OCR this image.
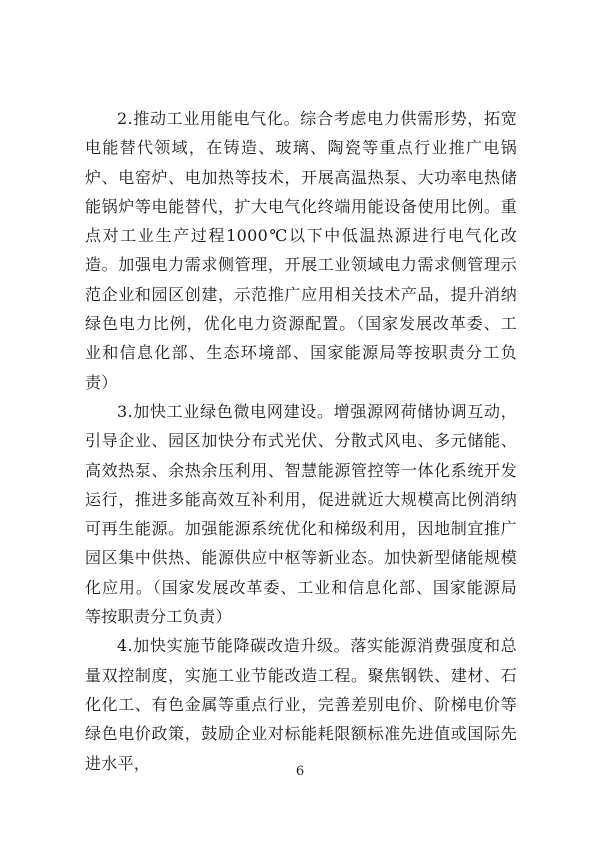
2.推动工业用能电气化。综合考虑电力供需形势，拓宽电能替代领域，在铸造、玻璃、陶瓷等重点行业推广电锅炉、电窑炉、电加热等技术，开展高温热泵、大功率电热储能锅炉等电能替代，扩大电气化终端用能设备使用比例。重点对工业生产过程1000℃以下中低温热源进行电气化改造。加强电力需求侧管理，开展工业领域电力需求侧管理示范企业和园区创建，示范推广应用相关技术产品，提升消纳绿色电力比例，优化电力资源配置。（国家发展改革委、工业和信息化部、生态环境部、国家能源局等按职责分工负责）

3.加快工业绿色微电网建设。增强源网荷储协调互动，引导企业、园区加快分布式光伏、分散式风电、多元储能、高效热泵、余热余压利用、智慧能源管控等一体化系统开发运行，推进多能高效互补利用，促进就近大规模高比例消纳可再生能源。加强能源系统优化和梯级利用，因地制宜推广园区集中供热、能源供应中枢等新业态。加快新型储能规模化应用。（国家发展改革委、工业和信息化部、国家能源局等按职责分工负责）

4.加快实施节能降碳改造升级。落实能源消费强度和总量双控制度，实施工业节能改造工程。聚焦钢铁、建材、石化化工、有色金属等重点行业，完善差别电价、阶梯电价等绿色电价政策，鼓励企业对标能耗限额标准先进值或国际先进水平，	6
